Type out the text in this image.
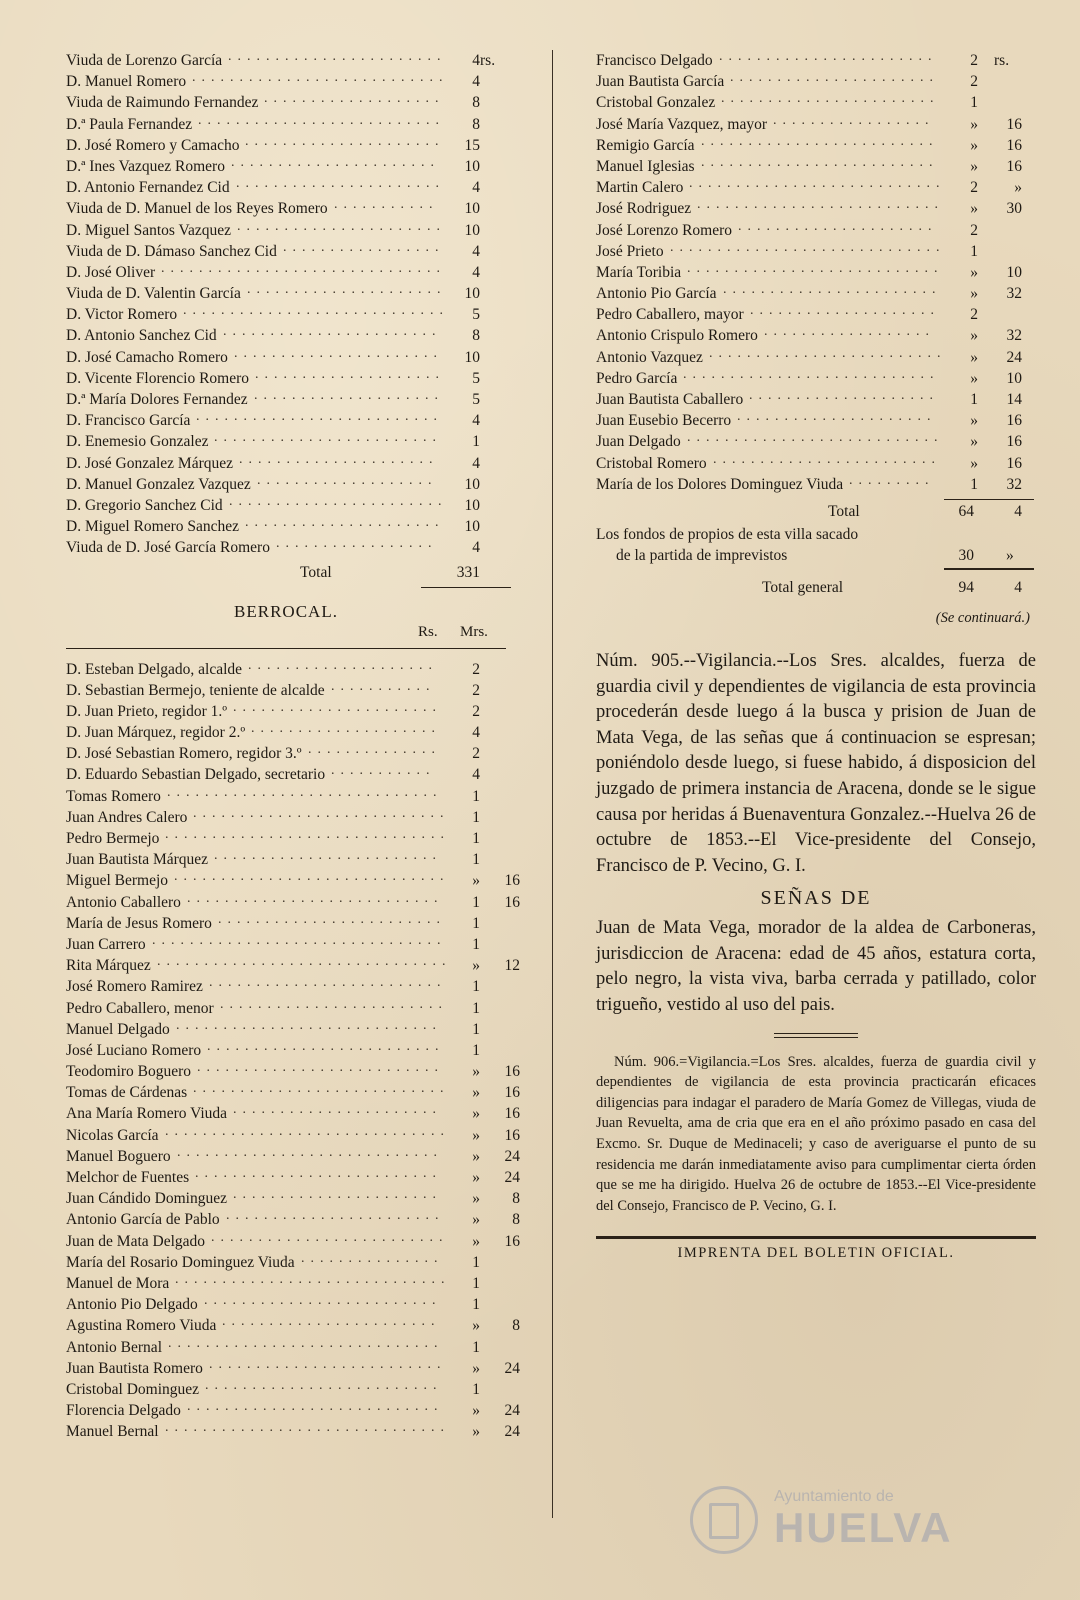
Viuda de Lorenzo García .......................	4 rs.
D. Manuel Romero ...........................	4
Viuda de Raimundo Fernandez ...................	8
D.ª Paula Fernandez ..........................	8
D. José Romero y Camacho .....................	15
D.ª Ines Vazquez Romero ......................	10
D. Antonio Fernandez Cid ......................	4
Viuda de D. Manuel de los Reyes Romero ...........	10
D. Miguel Santos Vazquez ......................	10
Viuda de D. Dámaso Sanchez Cid .................	4
D. José Oliver ..............................	4
Viuda de D. Valentin García .....................	10
D. Victor Romero ............................	5
D. Antonio Sanchez Cid .......................	8
D. José Camacho Romero ......................	10
D. Vicente Florencio Romero ....................	5
D.ª María Dolores Fernandez ....................	5
D. Francisco García ..........................	4
D. Enemesio Gonzalez ........................	1
D. José Gonzalez Márquez .....................	4
D. Manuel Gonzalez Vazquez ...................	10
D. Gregorio Sanchez Cid .......................	10
D. Miguel Romero Sanchez .....................	10
Viuda de D. José García Romero .................	4
Total	331
BERROCAL.
Rs. Mrs.
D. Esteban Delgado, alcalde ....................	2
D. Sebastian Bermejo, teniente de alcalde ...........	2
D. Juan Prieto, regidor 1.º ......................	2
D. Juan Márquez, regidor 2.º ....................	4
D. José Sebastian Romero, regidor 3.º ..............	2
D. Eduardo Sebastian Delgado, secretario ...........	4
Tomas Romero .............................	1
Juan Andres Calero ...........................	1
Pedro Bermejo ..............................	1
Juan Bautista Márquez ........................	1
Miguel Bermejo .............................	»	16
Antonio Caballero ...........................	1	16
María de Jesus Romero ........................	1
Juan Carrero ...............................	1
Rita Márquez ...............................	»	12
José Romero Ramirez .........................	1
Pedro Caballero, menor ........................	1
Manuel Delgado ............................	1
José Luciano Romero .........................	1
Teodomiro Boguero ..........................	»	16
Tomas de Cárdenas ...........................	»	16
Ana María Romero Viuda ......................	»	16
Nicolas García ..............................	»	16
Manuel Boguero ............................	»	24
Melchor de Fuentes ..........................	»	24
Juan Cándido Dominguez ......................	»	8
Antonio García de Pablo .......................	»	8
Juan de Mata Delgado .........................	»	16
María del Rosario Dominguez Viuda ...............	1
Manuel de Mora .............................	1
Antonio Pio Delgado .........................	1
Agustina Romero Viuda .......................	»	8
Antonio Bernal .............................	1
Juan Bautista Romero .........................	»	24
Cristobal Dominguez .........................	1
Florencia Delgado ...........................	»	24
Manuel Bernal ..............................	»	24
Francisco Delgado .......................	2 rs.
Juan Bautista García ......................	2
Cristobal Gonzalez .......................	1
José María Vazquez, mayor .................	»	16
Remigio García .........................	»	16
Manuel Iglesias .........................	»	16
Martin Calero ...........................	2	»
José Rodriguez ..........................	»	30
José Lorenzo Romero .....................	2
José Prieto .............................	1
María Toribia ...........................	»	10
Antonio Pio García .......................	»	32
Pedro Caballero, mayor ....................	2
Antonio Crispulo Romero ..................	»	32
Antonio Vazquez .........................	»	24
Pedro García ...........................	»	10
Juan Bautista Caballero ....................	1	14
Juan Eusebio Becerro .....................	»	16
Juan Delgado ...........................	»	16
Cristobal Romero ........................	»	16
María de los Dolores Dominguez Viuda .........	1	32
Total	64	4
Los fondos de propios de esta villa sacado
de la partida de imprevistos	30 »
Total general	94	4
(Se continuará.)
Núm. 905.--Vigilancia.--Los Sres. alcaldes, fuerza de guardia civil y dependientes de vigilancia de esta provincia procederán desde luego á la busca y prision de Juan de Mata Vega, de las señas que á continuacion se espresan; poniéndolo desde luego, si fuese habido, á disposicion del juzgado de primera instancia de Aracena, donde se le sigue causa por heridas á Buenaventura Gonzalez.--Huelva 26 de octubre de 1853.--El Vice-presidente del Consejo, Francisco de P. Vecino, G. I.
SEÑAS DE
Juan de Mata Vega, morador de la aldea de Carboneras, jurisdiccion de Aracena: edad de 45 años, estatura corta, pelo negro, la vista viva, barba cerrada y patillado, color trigueño, vestido al uso del pais.
Núm. 906.=Vigilancia.=Los Sres. alcaldes, fuerza de guardia civil y dependientes de vigilancia de esta provincia practicarán eficaces diligencias para indagar el paradero de María Gomez de Villegas, viuda de Juan Revuelta, ama de cria que era en el año próximo pasado en casa del Excmo. Sr. Duque de Medinaceli; y caso de averiguarse el punto de su residencia me darán inmediatamente aviso para cumplimentar cierta órden que se me ha dirigido. Huelva 26 de octubre de 1853.--El Vice-presidente del Consejo, Francisco de P. Vecino, G. I.
IMPRENTA DEL BOLETIN OFICIAL.
Ayuntamiento de
HUELVA
